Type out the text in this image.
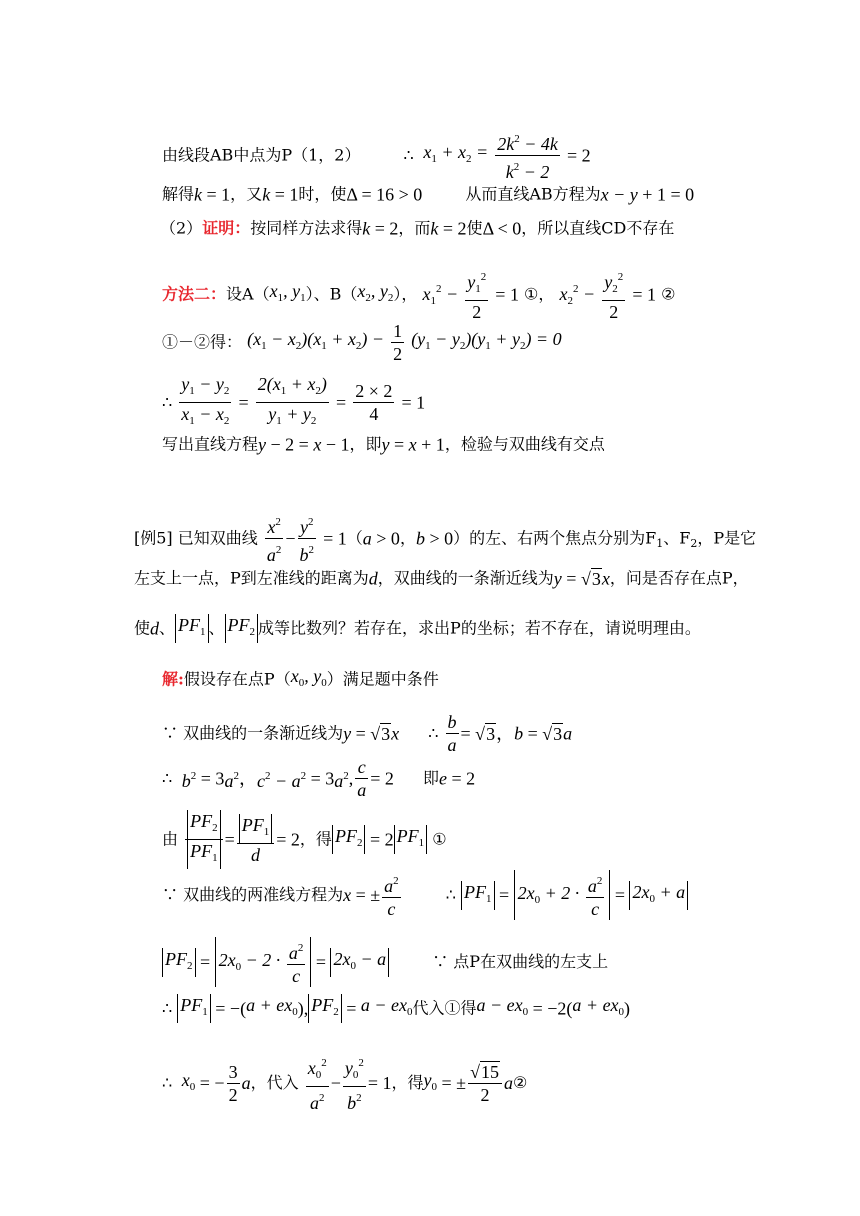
由线段AB中点为P（1，2）	∴  $x_1 + x_2 = \frac{2k^2 - 4k}{k^2 - 2} = 2$
解得k = 1，又k = 1时，使Δ = 16 > 0	从而直线AB方程为x − y + 1 = 0
（2）证明：按同样方法求得k = 2，而k = 2使Δ < 0，所以直线CD不存在
方法二：设$A(x_1$, $y_1$）、$B(x_2$, $y_2$）， $x_1^2 - \frac{y_1^2}{2} = 1$ ①， $x_2^2 - \frac{y_2^2}{2} = 1$ ②
①－②得： $(x_1 - x_2)(x_1 + x_2) - \frac{1}{2} (y_1 - y_2)(y_1 + y_2) = 0$
∴ $\frac{y_1 - y_2}{x_1 - x_2} = \frac{2(x_1 + x_2)}{y_1 + y_2} = \frac{2 \times 2}{4} = 1$
写出直线方程y − 2 = x − 1，即y = x + 1，检验与双曲线有交点
[例5] 已知双曲线 $\frac{x^2}{a^2} - \frac{y^2}{b^2} = 1(a > 0$，b > 0）的左、右两个焦点分别为$F_1$、$F_2$，P是它
左支上一点，P到左准线的距离为d，双曲线的一条渐近线为y = √3x，问是否存在点P，
使d、 $PF_1$ 、 $PF_2$ 成等比数列？若存在，求出P的坐标；若不存在，请说明理由。
解:假设存在点$P(x_0$, $y_0$）满足题中条件
∵ 双曲线的一条渐近线为y = √3x ∴ $\frac{b}{a} = √3$，b = √3a
∴  $b^2 = 3a^2$，$c^2 - a^2 = 3a^2$, $\frac{c}{a} = 2$ 即e = 2
由 $\frac{PF_2}{PF_1} = \frac{PF_1}{d} = 2$，得 $PF_2 = 2$ $PF_1$ ①
∵ 双曲线的两准线方程为x = ± $\frac{a^2}{c}$	∴ $PF_1 = 2x_0 + 2 \cdot \frac{a^2}{c} = 2x_0 + a$
$PF_2 = 2x_0 - 2 \cdot \frac{a^2}{c} = 2x_0 - a$	∵ 点P在双曲线的左支上
∴ $PF_1 = -(a + ex_0)$, $PF_2 = a - ex_0$代入①得$a - ex_0 = -2(a + ex_0)$
∴  $x_0$ = − $\frac{3}{2}$ a，代入 $\frac{x_0^2}{a^2} - \frac{y_0^2}{b^2} = 1$，得$y_0$ = ± $\frac{√15}{2}$ a②
